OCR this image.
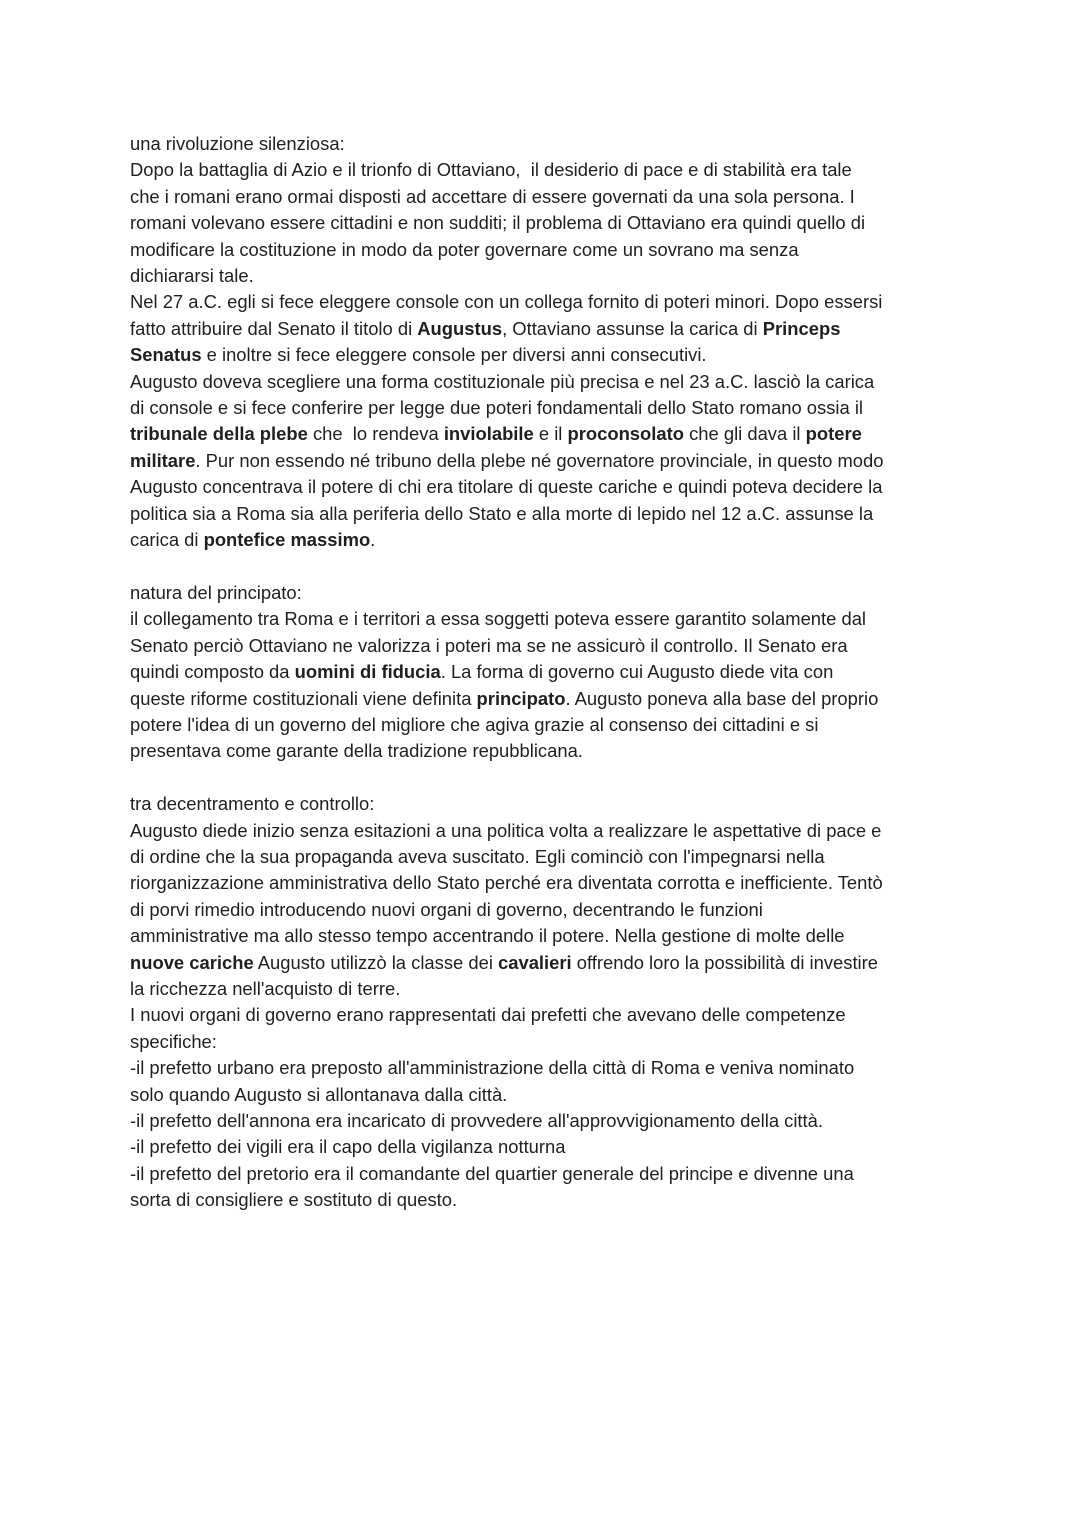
una rivoluzione silenziosa:
Dopo la battaglia di Azio e il trionfo di Ottaviano,  il desiderio di pace e di stabilità era tale
che i romani erano ormai disposti ad accettare di essere governati da una sola persona. I
romani volevano essere cittadini e non sudditi; il problema di Ottaviano era quindi quello di
modificare la costituzione in modo da poter governare come un sovrano ma senza
dichiararsi tale.
Nel 27 a.C. egli si fece eleggere console con un collega fornito di poteri minori. Dopo essersi
fatto attribuire dal Senato il titolo di Augustus, Ottaviano assunse la carica di Princeps
Senatus e inoltre si fece eleggere console per diversi anni consecutivi.
Augusto doveva scegliere una forma costituzionale più precisa e nel 23 a.C. lasciò la carica
di console e si fece conferire per legge due poteri fondamentali dello Stato romano ossia il
tribunale della plebe che  lo rendeva inviolabile e il proconsolato che gli dava il potere
militare. Pur non essendo né tribuno della plebe né governatore provinciale, in questo modo
Augusto concentrava il potere di chi era titolare di queste cariche e quindi poteva decidere la
politica sia a Roma sia alla periferia dello Stato e alla morte di lepido nel 12 a.C. assunse la
carica di pontefice massimo.
natura del principato:
il collegamento tra Roma e i territori a essa soggetti poteva essere garantito solamente dal
Senato perciò Ottaviano ne valorizza i poteri ma se ne assicurò il controllo. Il Senato era
quindi composto da uomini di fiducia. La forma di governo cui Augusto diede vita con
queste riforme costituzionali viene definita principato. Augusto poneva alla base del proprio
potere l'idea di un governo del migliore che agiva grazie al consenso dei cittadini e si
presentava come garante della tradizione repubblicana.
tra decentramento e controllo:
Augusto diede inizio senza esitazioni a una politica volta a realizzare le aspettative di pace e
di ordine che la sua propaganda aveva suscitato. Egli cominciò con l'impegnarsi nella
riorganizzazione amministrativa dello Stato perché era diventata corrotta e inefficiente. Tentò
di porvi rimedio introducendo nuovi organi di governo, decentrando le funzioni
amministrative ma allo stesso tempo accentrando il potere. Nella gestione di molte delle
nuove cariche Augusto utilizzò la classe dei cavalieri offrendo loro la possibilità di investire
la ricchezza nell'acquisto di terre.
I nuovi organi di governo erano rappresentati dai prefetti che avevano delle competenze
specifiche:
-il prefetto urbano era preposto all'amministrazione della città di Roma e veniva nominato
solo quando Augusto si allontanava dalla città.
-il prefetto dell'annona era incaricato di provvedere all'approvvigionamento della città.
-il prefetto dei vigili era il capo della vigilanza notturna
-il prefetto del pretorio era il comandante del quartier generale del principe e divenne una
sorta di consigliere e sostituto di questo.
